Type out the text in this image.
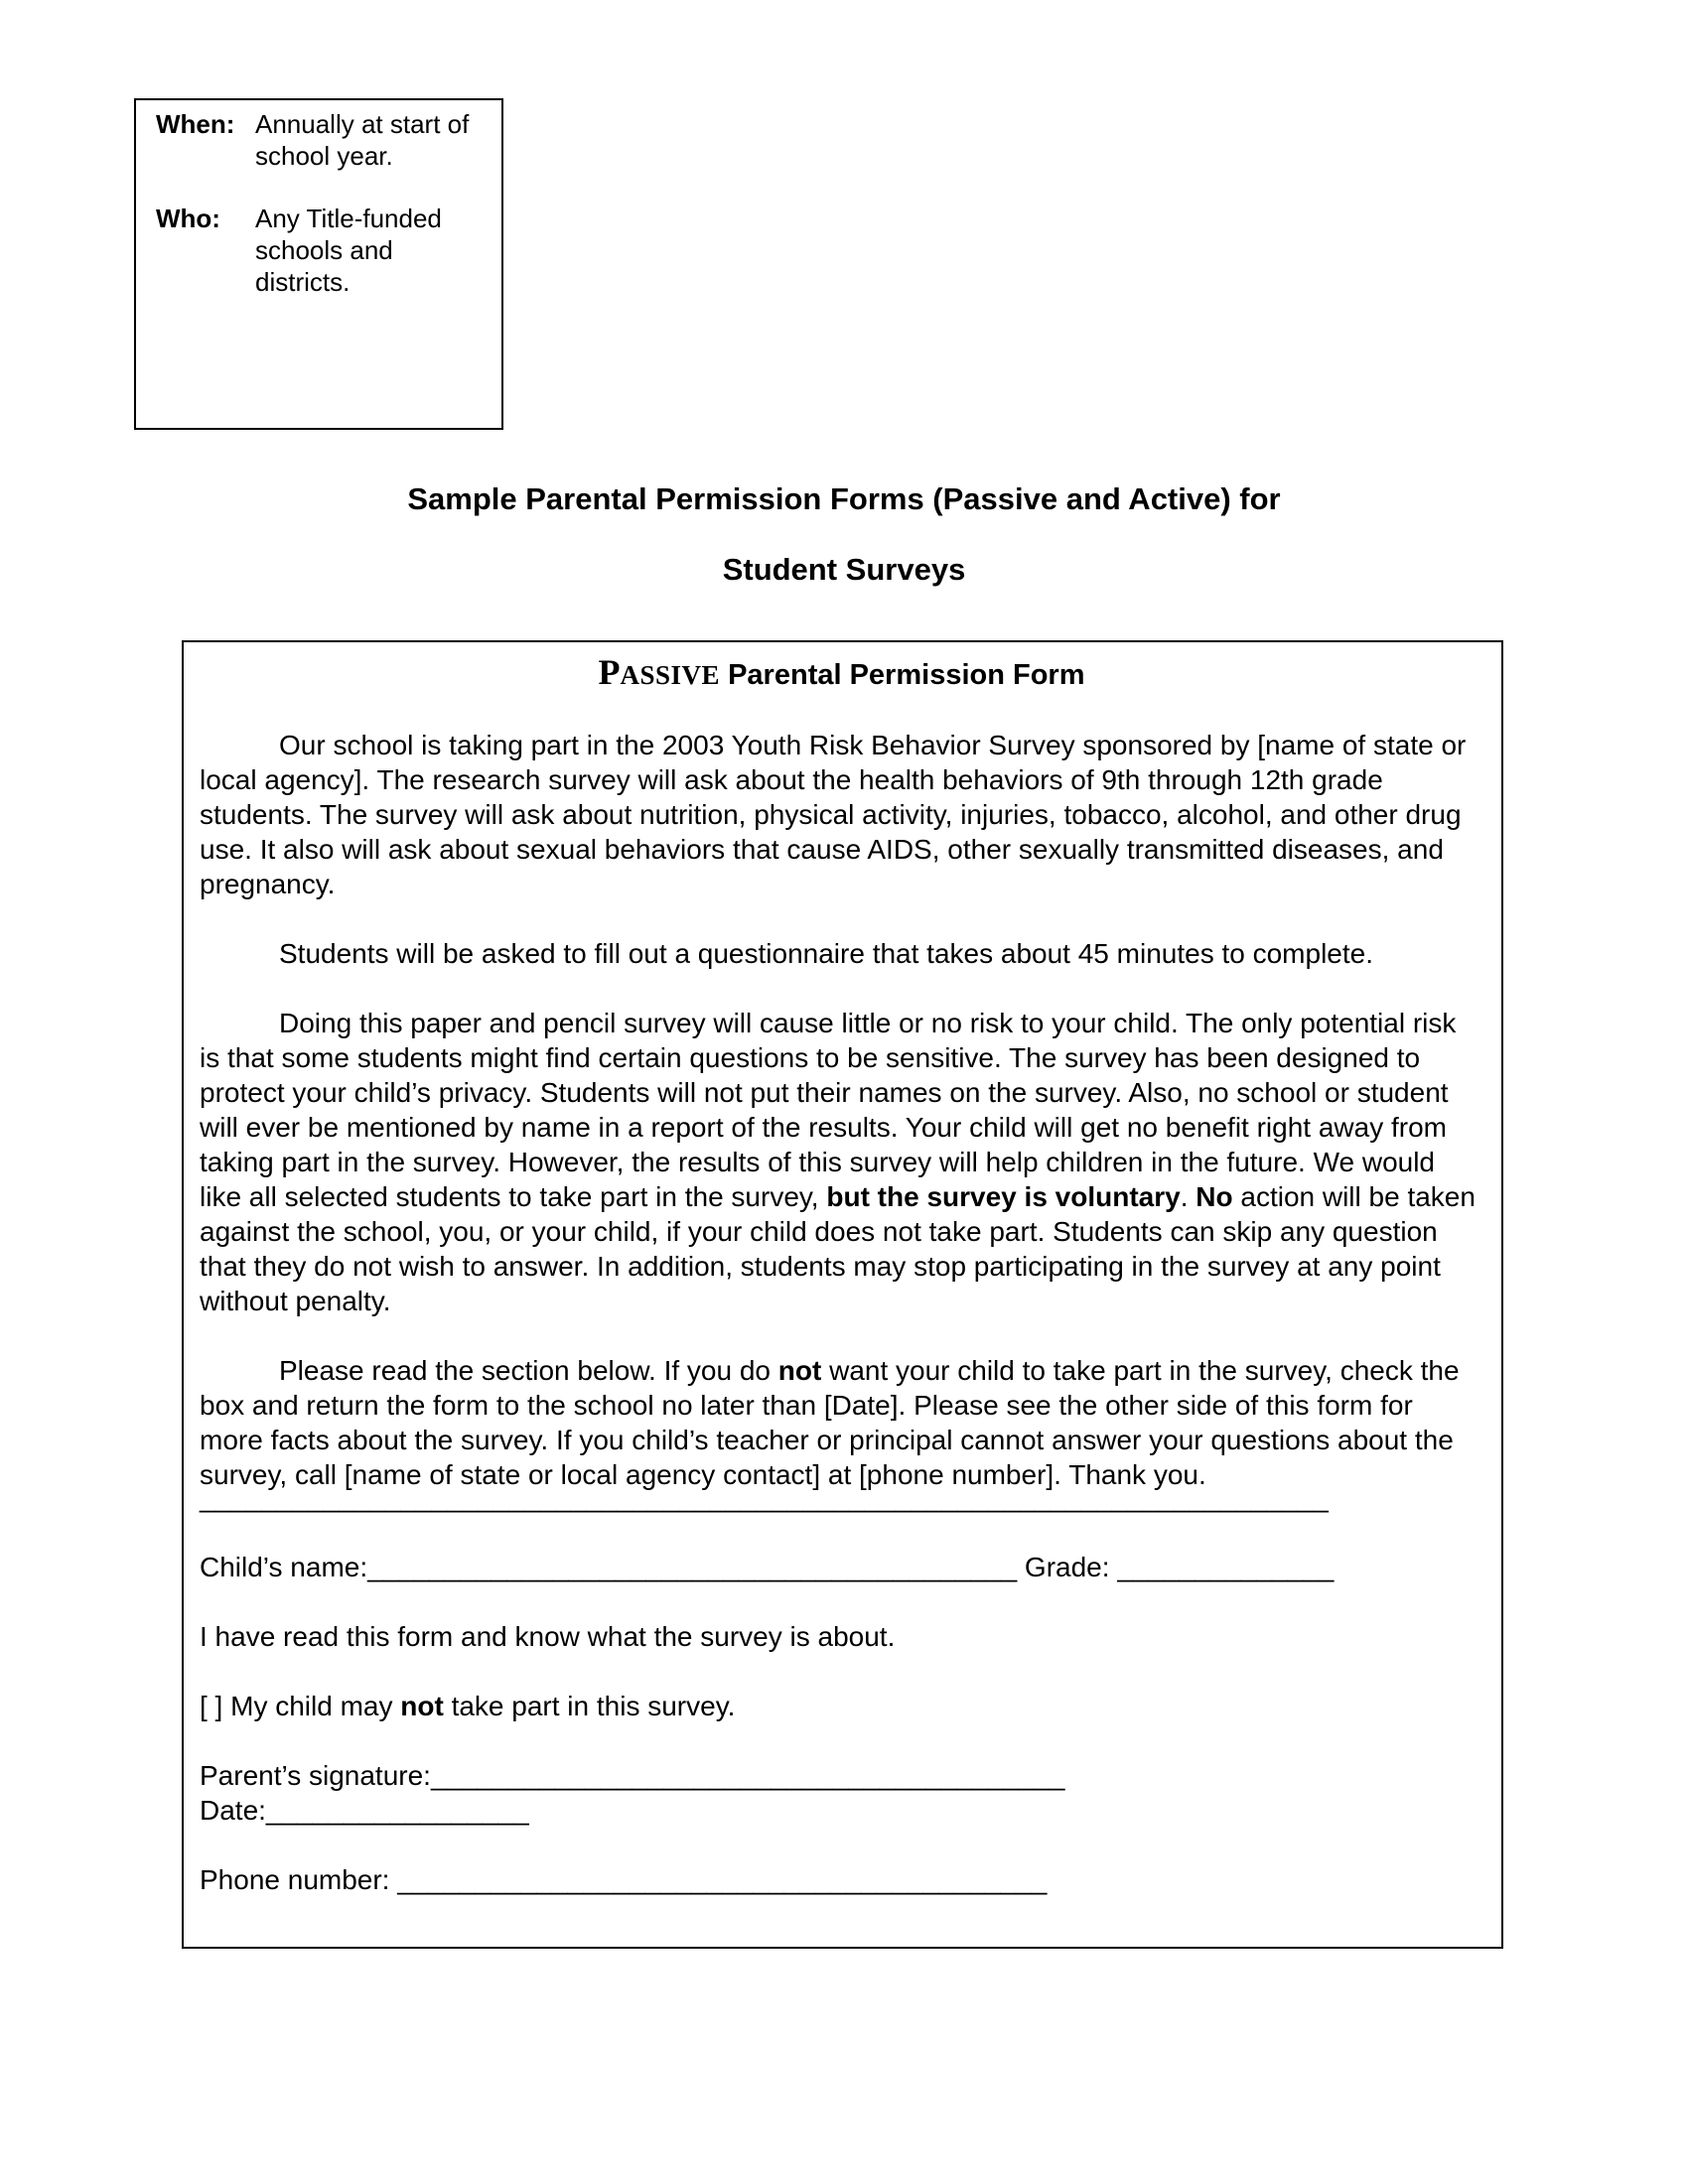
When: Annually at start of school year.
Who:	Any Title-funded schools and districts.
Sample Parental Permission Forms (Passive and Active) for
Student Surveys
PASSIVE Parental Permission Form

Our school is taking part in the 2003 Youth Risk Behavior Survey sponsored by [name of state or local agency]. The research survey will ask about the health behaviors of 9th through 12th grade students. The survey will ask about nutrition, physical activity, injuries, tobacco, alcohol, and other drug use. It also will ask about sexual behaviors that cause AIDS, other sexually transmitted diseases, and pregnancy.

Students will be asked to fill out a questionnaire that takes about 45 minutes to complete.

Doing this paper and pencil survey will cause little or no risk to your child. The only potential risk is that some students might find certain questions to be sensitive. The survey has been designed to protect your child’s privacy. Students will not put their names on the survey. Also, no school or student will ever be mentioned by name in a report of the results. Your child will get no benefit right away from taking part in the survey. However, the results of this survey will help children in the future. We would like all selected students to take part in the survey, but the survey is voluntary. No action will be taken against the school, you, or your child, if your child does not take part. Students can skip any question that they do not wish to answer. In addition, students may stop participating in the survey at any point without penalty.

Please read the section below. If you do not want your child to take part in the survey, check the box and return the form to the school no later than [Date]. Please see the other side of this form for more facts about the survey. If you child’s teacher or principal cannot answer your questions about the survey, call [name of state or local agency contact] at [phone number]. Thank you.

_________________________________________________________________________

Child’s name:__________________________________________ Grade: ______________

I have read this form and know what the survey is about.

[ ] My child may not take part in this survey.

Parent’s signature:_________________________________________

Date:_________________

Phone number: __________________________________________
